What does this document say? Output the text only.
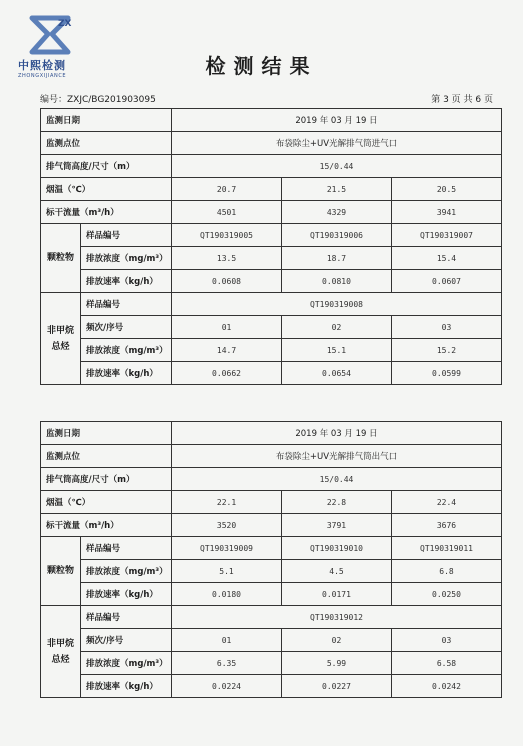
ZX
中熙检测
ZHONGXIJIANCE	检测结果
编号：ZXJC/BG201903095	第 3 页 共 6 页
监测日期		2019 年 03 月 19 日		
监测点位		布袋除尘+UV光解排气筒进气口		
排气筒高度/尺寸（m）		15/0.44		
烟温（℃）		20.7	21.5	20.5
标干流量（m³/h）		4501	4329	3941
颗粒物	样品编号	QT190319005	QT190319006	QT190319007
	排放浓度（mg/m³）	13.5	18.7	15.4
	排放速率（kg/h）	0.0608	0.0810	0.0607
非甲烷总烃	样品编号	QT190319008		
	频次/序号	01	02	03
	排放浓度（mg/m³）	14.7	15.1	15.2
	排放速率（kg/h）	0.0662	0.0654	0.0599
监测日期		2019 年 03 月 19 日		
监测点位		布袋除尘+UV光解排气筒出气口		
排气筒高度/尺寸（m）		15/0.44		
烟温（℃）		22.1	22.8	22.4
标干流量（m³/h）		3520	3791	3676
颗粒物	样品编号	QT190319009	QT190319010	QT190319011
	排放浓度（mg/m³）	5.1	4.5	6.8
	排放速率（kg/h）	0.0180	0.0171	0.0250
非甲烷总烃	样品编号	QT190319012		
	频次/序号	01	02	03
	排放浓度（mg/m³）	6.35	5.99	6.58
	排放速率（kg/h）	0.0224	0.0227	0.0242
